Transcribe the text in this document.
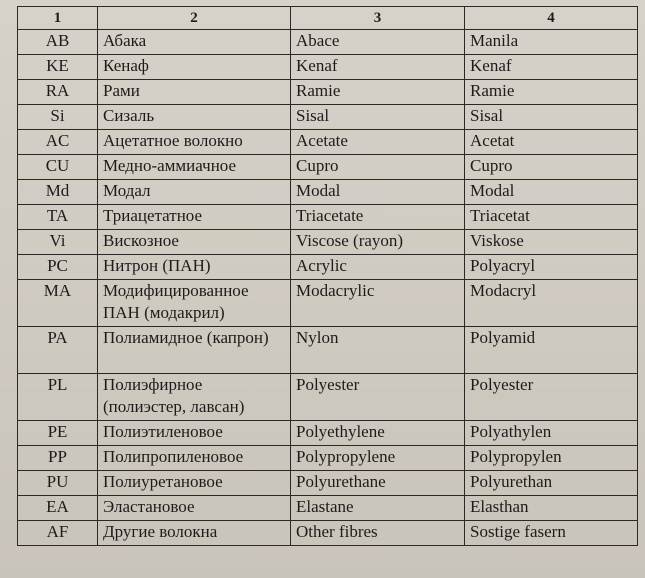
1	2	3	4
AB	Абака	Abace	Manila
KE	Кенаф	Kenaf	Kenaf
RA	Рами	Ramie	Ramie
Si	Сизаль	Sisal	Sisal
AC	Ацетатное волокно	Acetate	Acetat
CU	Медно-аммиачное	Cupro	Cupro
Md	Модал	Modal	Modal
TA	Триацетатное	Triacetate	Triacetat
Vi	Вискозное	Viscose (rayon)	Viskose
PC	Нитрон (ПАН)	Acrylic	Polyacryl
MA	Модифицированное ПАН (модакрил)	Modacrylic	Modacryl
PA	Полиамидное (капрон)	Nylon	Polyamid
PL	Полиэфирное (полиэстер, лавсан)	Polyester	Polyester
PE	Полиэтиленовое	Polyethylene	Polyathylen
PP	Полипропиленовое	Polypropylene	Polypropylen
PU	Полиуретановое	Polyurethane	Polyurethan
EA	Эластановое	Elastane	Elasthan
AF	Другие волокна	Other fibres	Sostige fasern
